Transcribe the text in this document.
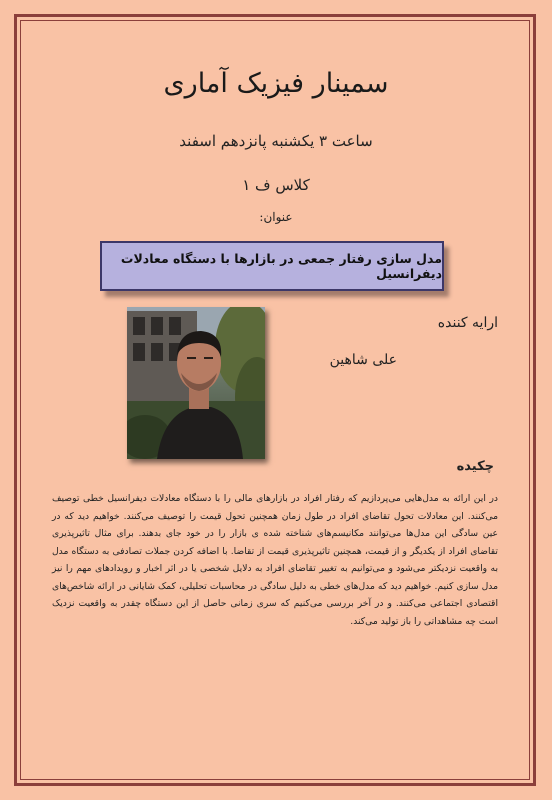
سمینار فیزیک آماری
ساعت ۳ یکشنبه پانزدهم اسفند
کلاس ف ۱
عنوان:
مدل سازی رفتار جمعی در بازارها با دستگاه معادلات دیفرانسیل
ارایه کننده
علی شاهین
چکیده
در این ارائه به مدل‌هایی می‌پردازیم که رفتار افراد در بازارهای مالی را با دستگاه معادلات دیفرانسیل خطی توصیف می‌کنند. این معادلات تحول تقاضای افراد در طول زمان همچنین تحول قیمت را توصیف می‌کنند. خواهیم دید که در عین سادگی این مدل‌ها می‌توانند مکانیسم‌های شناخته شده ی بازار را در خود جای بدهند. برای مثال تاثیرپذیری تقاضای افراد از یکدیگر و از قیمت، همچنین تاثیرپذیری قیمت از تقاضا. با اضافه کردن جملات تصادفی به دستگاه مدل به واقعیت نزدیکتر می‌شود و می‌توانیم به تغییر تقاضای افراد به دلایل شخصی یا در اثر اخبار و رویدادهای مهم را نیز مدل سازی کنیم. خواهیم دید که مدل‌های خطی به دلیل سادگی در محاسبات تحلیلی، کمک شایانی در ارائه شاخص‌های اقتصادی اجتماعی می‌کنند. و در آخر بررسی می‌کنیم که سری زمانی حاصل از این دستگاه چقدر به واقعیت نزدیک است چه مشاهداتی را باز تولید می‌کند.
